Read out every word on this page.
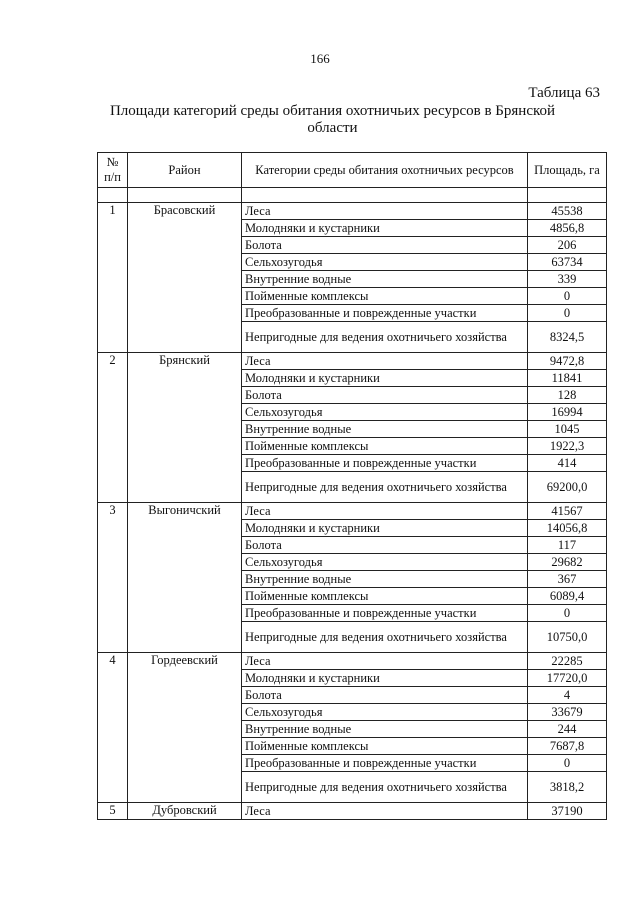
166
Таблица 63
Площади категорий среды обитания охотничьих ресурсов в Брянской области
№ п/п	Район	Категории среды обитания охотничьих ресурсов	Площадь, га

1	Брасовский	Леса	45538
		Молодняки и кустарники	4856,8
		Болота	206
		Сельхозугодья	63734
		Внутренние водные	339
		Пойменные комплексы	0
		Преобразованные и поврежденные участки	0
		Непригодные для ведения охотничьего хозяйства	8324,5
2	Брянский	Леса	9472,8
		Молодняки и кустарники	11841
		Болота	128
		Сельхозугодья	16994
		Внутренние водные	1045
		Пойменные комплексы	1922,3
		Преобразованные и поврежденные участки	414
		Непригодные для ведения охотничьего хозяйства	69200,0
3	Выгоничский	Леса	41567
		Молодняки и кустарники	14056,8
		Болота	117
		Сельхозугодья	29682
		Внутренние водные	367
		Пойменные комплексы	6089,4
		Преобразованные и поврежденные участки	0
		Непригодные для ведения охотничьего хозяйства	10750,0
4	Гордеевский	Леса	22285
		Молодняки и кустарники	17720,0
		Болота	4
		Сельхозугодья	33679
		Внутренние водные	244
		Пойменные комплексы	7687,8
		Преобразованные и поврежденные участки	0
		Непригодные для ведения охотничьего хозяйства	3818,2
5	Дубровский	Леса	37190
